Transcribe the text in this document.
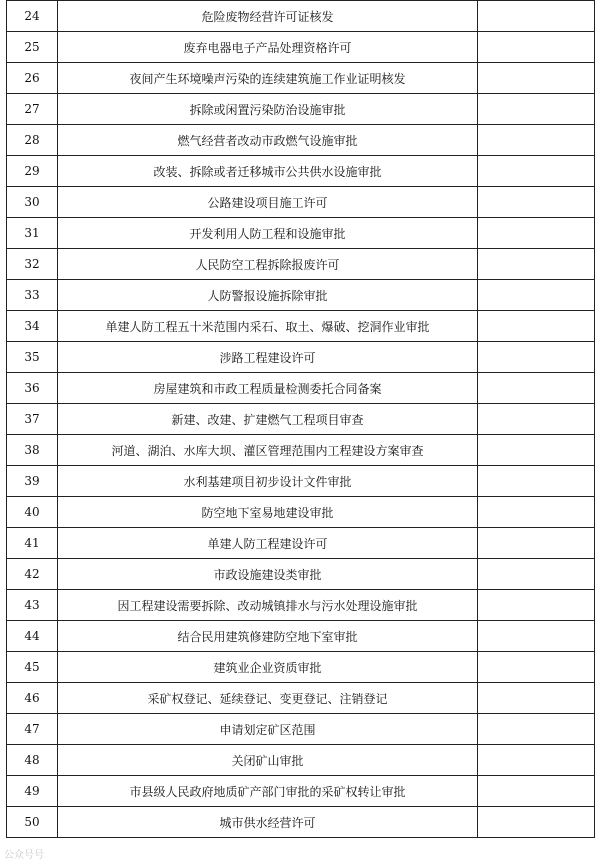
24	危险废物经营许可证核发	
25	废弃电器电子产品处理资格许可	
26	夜间产生环境噪声污染的连续建筑施工作业证明核发	
27	拆除或闲置污染防治设施审批	
28	燃气经营者改动市政燃气设施审批	
29	改装、拆除或者迁移城市公共供水设施审批	
30	公路建设项目施工许可	
31	开发利用人防工程和设施审批	
32	人民防空工程拆除报废许可	
33	人防警报设施拆除审批	
34	单建人防工程五十米范围内采石、取土、爆破、挖洞作业审批	
35	涉路工程建设许可	
36	房屋建筑和市政工程质量检测委托合同备案	
37	新建、改建、扩建燃气工程项目审查	
38	河道、湖泊、水库大坝、灌区管理范围内工程建设方案审查	
39	水利基建项目初步设计文件审批	
40	防空地下室易地建设审批	
41	单建人防工程建设许可	
42	市政设施建设类审批	
43	因工程建设需要拆除、改动城镇排水与污水处理设施审批	
44	结合民用建筑修建防空地下室审批	
45	建筑业企业资质审批	
46	采矿权登记、延续登记、变更登记、注销登记	
47	申请划定矿区范围	
48	关闭矿山审批	
49	市县级人民政府地质矿产部门审批的采矿权转让审批	
50	城市供水经营许可	
公众号号
